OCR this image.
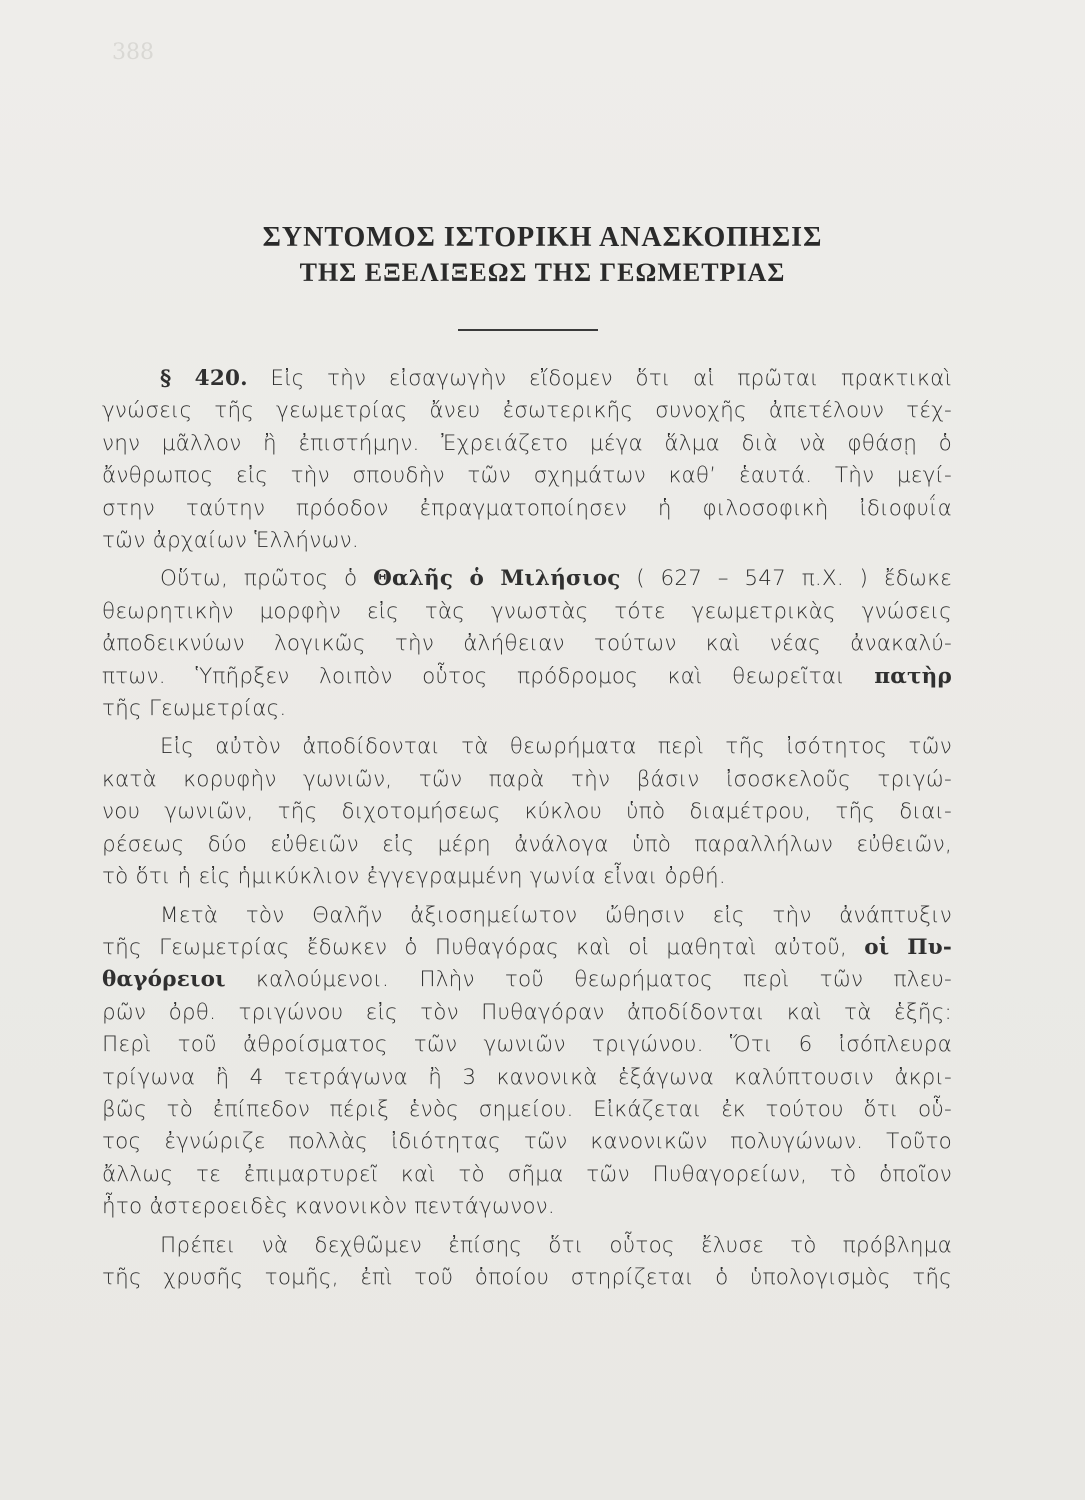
388
ΣΥΝΤΟΜΟΣ ΙΣΤΟΡΙΚΗ ΑΝΑΣΚΟΠΗΣΙΣ
ΤΗΣ ΕΞΕΛΙΞΕΩΣ ΤΗΣ ΓΕΩΜΕΤΡΙΑΣ
§ 420. Εἰς τὴν εἰσαγωγὴν εἴδομεν ὅτι αἱ πρῶται πρακτικαὶ
γνώσεις τῆς γεωμετρίας ἄνευ ἐσωτερικῆς συνοχῆς ἀπετέλουν τέχ-
νην μᾶλλον ἢ ἐπιστήμην. Ἐχρειάζετο μέγα ἅλμα διὰ νὰ φθάσῃ ὁ
ἄνθρωπος εἰς τὴν σπουδὴν τῶν σχημάτων καθ’ ἑαυτά. Τὴν μεγί-
στην ταύτην πρόοδον ἐπραγματοποίησεν ἡ φιλοσοφικὴ ἰδιοφυΐα
τῶν ἀρχαίων Ἑλλήνων.
Οὕτω, πρῶτος ὁ Θαλῆς ὁ Μιλήσιος ( 627 – 547 π.Χ. ) ἔδωκε
θεωρητικὴν μορφὴν εἰς τὰς γνωστὰς τότε γεωμετρικὰς γνώσεις
ἀποδεικνύων λογικῶς τὴν ἀλήθειαν τούτων καὶ νέας ἀνακαλύ-
πτων. Ὑπῆρξεν λοιπὸν οὗτος πρόδρομος καὶ θεωρεῖται πατὴρ
τῆς Γεωμετρίας.
Εἰς αὐτὸν ἀποδίδονται τὰ θεωρήματα περὶ τῆς ἰσότητος τῶν
κατὰ κορυφὴν γωνιῶν, τῶν παρὰ τὴν βάσιν ἰσοσκελοῦς τριγώ-
νου γωνιῶν, τῆς διχοτομήσεως κύκλου ὑπὸ διαμέτρου, τῆς διαι-
ρέσεως δύο εὐθειῶν εἰς μέρη ἀνάλογα ὑπὸ παραλλήλων εὐθειῶν,
τὸ ὅτι ἡ εἰς ἡμικύκλιον ἐγγεγραμμένη γωνία εἶναι ὀρθή.
Μετὰ τὸν Θαλῆν ἀξιοσημείωτον ὤθησιν εἰς τὴν ἀνάπτυξιν
τῆς Γεωμετρίας ἔδωκεν ὁ Πυθαγόρας καὶ οἱ μαθηταὶ αὐτοῦ, οἱ Πυ-
θαγόρειοι καλούμενοι. Πλὴν τοῦ θεωρήματος περὶ τῶν πλευ-
ρῶν ὀρθ. τριγώνου εἰς τὸν Πυθαγόραν ἀποδίδονται καὶ τὰ ἑξῆς:
Περὶ τοῦ ἀθροίσματος τῶν γωνιῶν τριγώνου. Ὅτι 6 ἰσόπλευρα
τρίγωνα ἢ 4 τετράγωνα ἢ 3 κανονικὰ ἑξάγωνα καλύπτουσιν ἀκρι-
βῶς τὸ ἐπίπεδον πέριξ ἑνὸς σημείου. Εἰκάζεται ἐκ τούτου ὅτι οὗ-
τος ἐγνώριζε πολλὰς ἰδιότητας τῶν κανονικῶν πολυγώνων. Τοῦτο
ἄλλως τε ἐπιμαρτυρεῖ καὶ τὸ σῆμα τῶν Πυθαγορείων, τὸ ὁποῖον
ἦτο ἀστεροειδὲς κανονικὸν πεντάγωνον.
Πρέπει νὰ δεχθῶμεν ἐπίσης ὅτι οὗτος ἔλυσε τὸ πρόβλημα
τῆς χρυσῆς τομῆς, ἐπὶ τοῦ ὁποίου στηρίζεται ὁ ὑπολογισμὸς τῆς
